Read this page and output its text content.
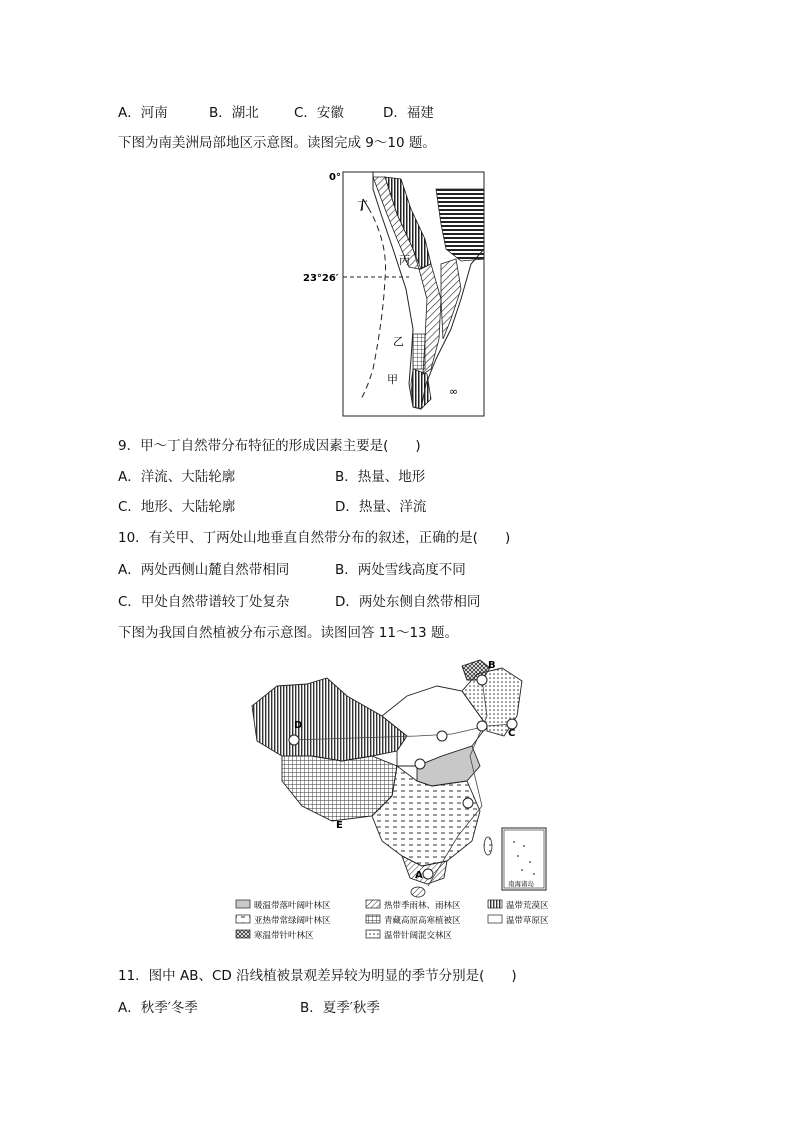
A．河南	B．湖北	C．安徽	D．福建
下图为南美洲局部地区示意图。读图完成 9～10 题。
∞
0°
23°26′
丁
丙
乙
甲
9．甲～丁自然带分布特征的形成因素主要是(　　)
A．洋流、大陆轮廓	B．热量、地形
C．地形、大陆轮廓	D．热量、洋流
10．有关甲、丁两处山地垂直自然带分布的叙述，正确的是(　　)
A．两处西侧山麓自然带相同	B．两处雪线高度不同
C．甲处自然带谱较丁处复杂	D．两处东侧自然带相同
下图为我国自然植被分布示意图。读图回答 11～13 题。
A
B
C
D
E
南海诸岛
暖温带落叶阔叶林区	热带季雨林、雨林区	温带荒漠区
亚热带常绿阔叶林区	青藏高原高寒植被区	温带草原区
寒温带针叶林区	温带针阔混交林区
11．图中 AB、CD 沿线植被景观差异较为明显的季节分别是(　　)
A．秋季′冬季	B．夏季′秋季
